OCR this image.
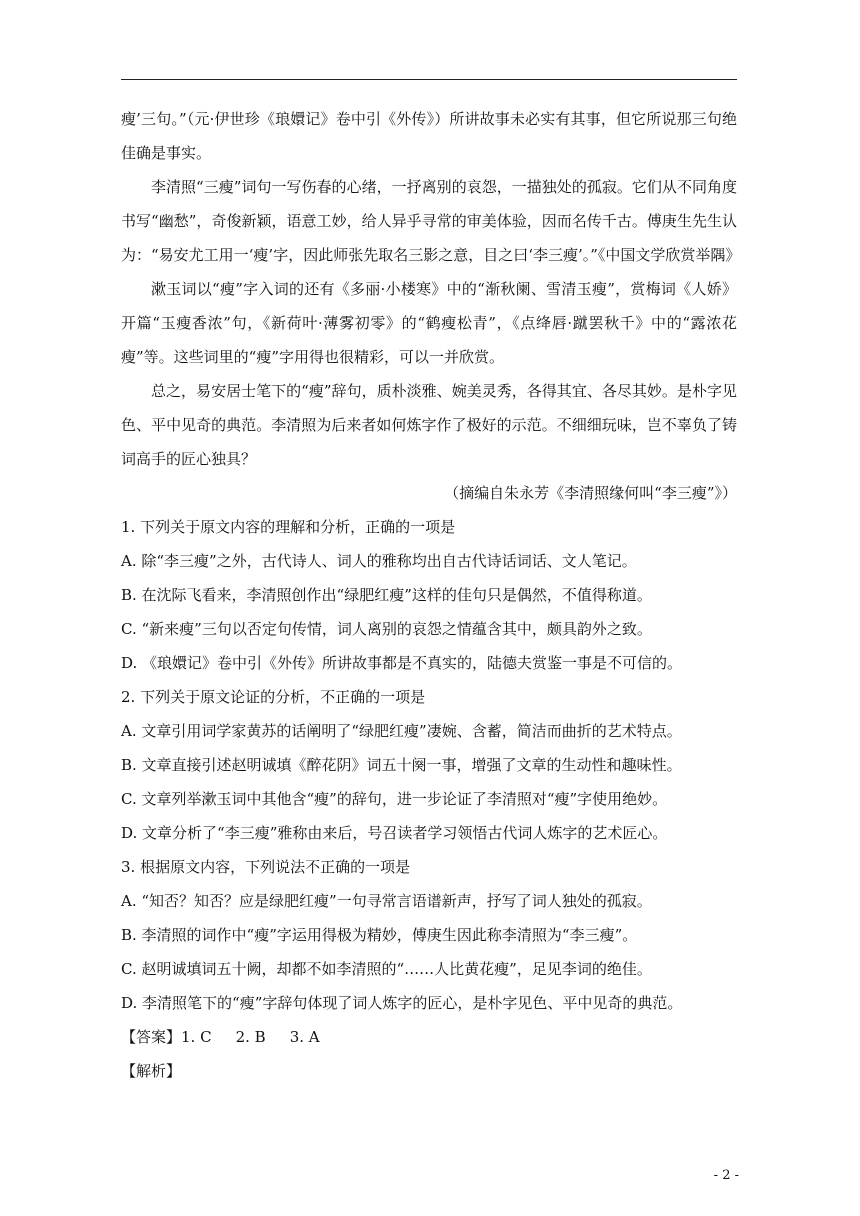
瘦’三句。”（元·伊世珍《琅嬛记》卷中引《外传》）所讲故事未必实有其事，但它所说那三句绝佳确是事实。

李清照“三瘦”词句一写伤春的心绪，一抒离别的哀怨，一描独处的孤寂。它们从不同角度书写“幽愁”，奇俊新颖，语意工妙，给人异乎寻常的审美体验，因而名传千古。傅庚生先生认为：“易安尤工用一‘瘦’字，因此师张先取名三影之意，目之曰‘李三瘦’。”《中国文学欣赏举隅》

漱玉词以“瘦”字入词的还有《多丽·小楼寒》中的“渐秋阑、雪清玉瘦”，赏梅词《人娇》开篇“玉瘦香浓”句，《新荷叶·薄雾初零》的“鹤瘦松青”，《点绛唇·蹴罢秋千》中的“露浓花瘦”等。这些词里的“瘦”字用得也很精彩，可以一并欣赏。

总之，易安居士笔下的“瘦”辞句，质朴淡雅、婉美灵秀，各得其宜、各尽其妙。是朴字见色、平中见奇的典范。李清照为后来者如何炼字作了极好的示范。不细细玩味，岂不辜负了铸词高手的匠心独具？

（摘编自朱永芳《李清照缘何叫“李三瘦”》）

1. 下列关于原文内容的理解和分析，正确的一项是

A. 除“李三瘦”之外，古代诗人、词人的雅称均出自古代诗话词话、文人笔记。

B. 在沈际飞看来，李清照创作出“绿肥红瘦”这样的佳句只是偶然，不值得称道。

C. “新来瘦”三句以否定句传情，词人离别的哀怨之情蕴含其中，颇具韵外之致。

D. 《琅嬛记》卷中引《外传》所讲故事都是不真实的，陆德夫赏鉴一事是不可信的。

2. 下列关于原文论证的分析，不正确的一项是

A. 文章引用词学家黄苏的话阐明了“绿肥红瘦”凄婉、含蓄，简洁而曲折的艺术特点。

B. 文章直接引述赵明诚填《醉花阴》词五十阕一事，增强了文章的生动性和趣味性。

C. 文章列举漱玉词中其他含“瘦”的辞句，进一步论证了李清照对“瘦”字使用绝妙。

D. 文章分析了“李三瘦”雅称由来后，号召读者学习领悟古代词人炼字的艺术匠心。

3. 根据原文内容，下列说法不正确的一项是

A. “知否？知否？应是绿肥红瘦”一句寻常言语谱新声，抒写了词人独处的孤寂。

B. 李清照的词作中“瘦”字运用得极为精妙，傅庚生因此称李清照为“李三瘦”。

C. 赵明诚填词五十阙，却都不如李清照的“……人比黄花瘦”，足见李词的绝佳。

D. 李清照笔下的“瘦”字辞句体现了词人炼字的匠心，是朴字见色、平中见奇的典范。

【答案】1. C 2. B 3. A

【解析】

- 2 -
